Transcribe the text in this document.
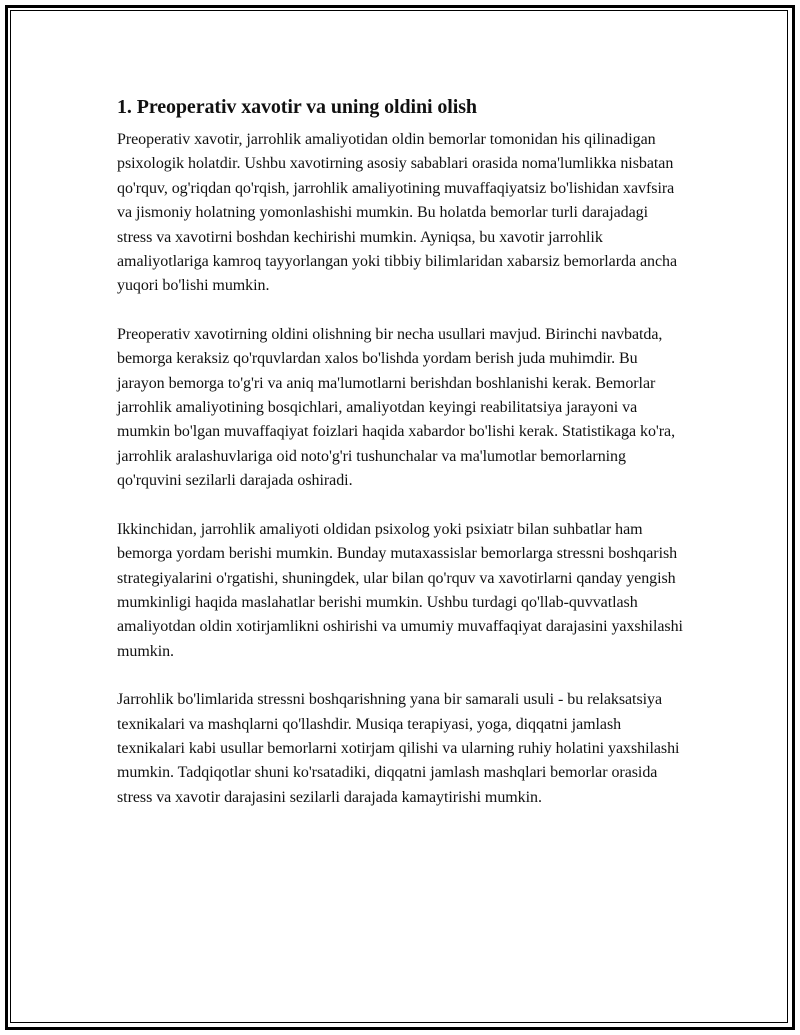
1. Preoperativ xavotir va uning oldini olish

Preoperativ xavotir, jarrohlik amaliyotidan oldin bemorlar tomonidan his qilinadigan psixologik holatdir. Ushbu xavotirning asosiy sabablari orasida noma'lumlikka nisbatan qo'rquv, og'riqdan qo'rqish, jarrohlik amaliyotining muvaffaqiyatsiz bo'lishidan xavfsira va jismoniy holatning yomonlashishi mumkin. Bu holatda bemorlar turli darajadagi stress va xavotirni boshdan kechirishi mumkin. Ayniqsa, bu xavotir jarrohlik amaliyotlariga kamroq tayyorlangan yoki tibbiy bilimlaridan xabarsiz bemorlarda ancha yuqori bo'lishi mumkin.

Preoperativ xavotirning oldini olishning bir necha usullari mavjud. Birinchi navbatda, bemorga keraksiz qo'rquvlardan xalos bo'lishda yordam berish juda muhimdir. Bu jarayon bemorga to'g'ri va aniq ma'lumotlarni berishdan boshlanishi kerak. Bemorlar jarrohlik amaliyotining bosqichlari, amaliyotdan keyingi reabilitatsiya jarayoni va mumkin bo'lgan muvaffaqiyat foizlari haqida xabardor bo'lishi kerak. Statistikaga ko'ra, jarrohlik aralashuvlariga oid noto'g'ri tushunchalar va ma'lumotlar bemorlarning qo'rquvini sezilarli darajada oshiradi.

Ikkinchidan, jarrohlik amaliyoti oldidan psixolog yoki psixiatr bilan suhbatlar ham bemorga yordam berishi mumkin. Bunday mutaxassislar bemorlarga stressni boshqarish strategiyalarini o'rgatishi, shuningdek, ular bilan qo'rquv va xavotirlarni qanday yengish mumkinligi haqida maslahatlar berishi mumkin. Ushbu turdagi qo'llab-quvvatlash amaliyotdan oldin xotirjamlikni oshirishi va umumiy muvaffaqiyat darajasini yaxshilashi mumkin.

Jarrohlik bo'limlarida stressni boshqarishning yana bir samarali usuli - bu relaksatsiya texnikalari va mashqlarni qo'llashdir. Musiqa terapiyasi, yoga, diqqatni jamlash texnikalari kabi usullar bemorlarni xotirjam qilishi va ularning ruhiy holatini yaxshilashi mumkin. Tadqiqotlar shuni ko'rsatadiki, diqqatni jamlash mashqlari bemorlar orasida stress va xavotir darajasini sezilarli darajada kamaytirishi mumkin.
